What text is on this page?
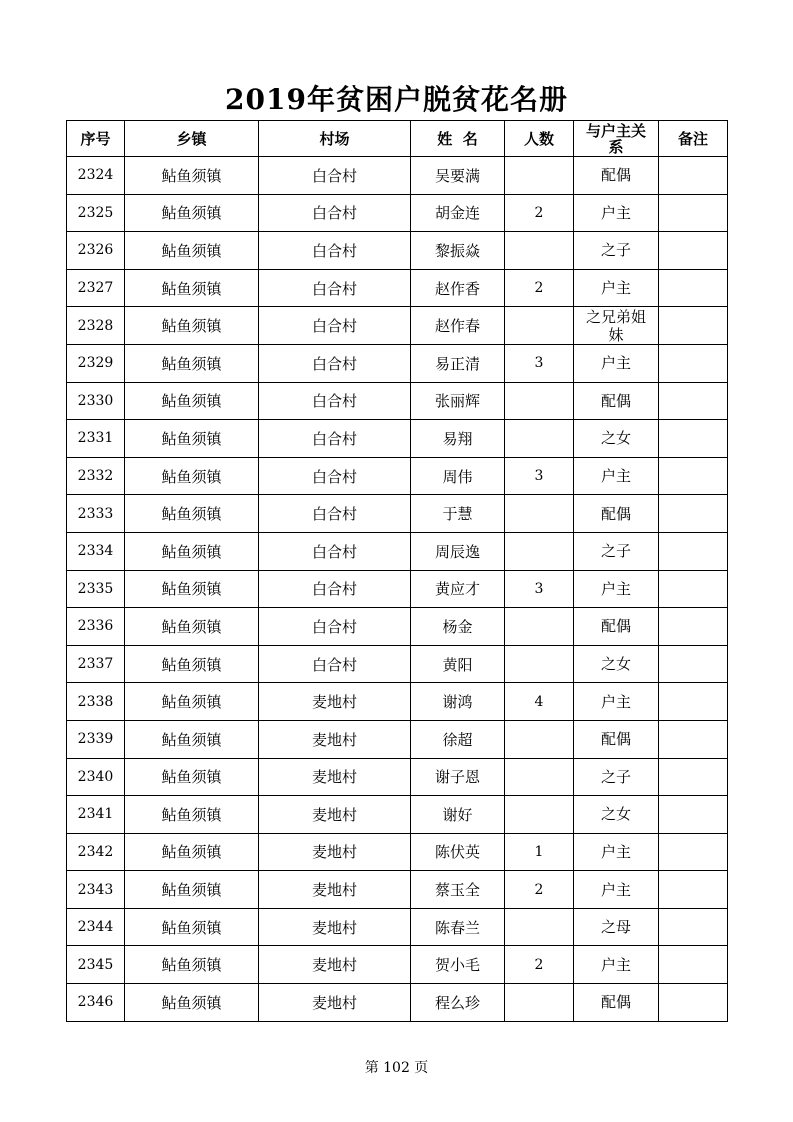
2019年贫困户脱贫花名册
序号	乡镇	村场	姓  名	人数	与户主关系	备注
2324	鲇鱼须镇	白合村	吴要满		配偶	
2325	鲇鱼须镇	白合村	胡金连	2	户主	
2326	鲇鱼须镇	白合村	黎振焱		之子	
2327	鲇鱼须镇	白合村	赵作香	2	户主	
2328	鲇鱼须镇	白合村	赵作春		之兄弟姐妹	
2329	鲇鱼须镇	白合村	易正清	3	户主	
2330	鲇鱼须镇	白合村	张丽辉		配偶	
2331	鲇鱼须镇	白合村	易翔		之女	
2332	鲇鱼须镇	白合村	周伟	3	户主	
2333	鲇鱼须镇	白合村	于慧		配偶	
2334	鲇鱼须镇	白合村	周辰逸		之子	
2335	鲇鱼须镇	白合村	黄应才	3	户主	
2336	鲇鱼须镇	白合村	杨金		配偶	
2337	鲇鱼须镇	白合村	黄阳		之女	
2338	鲇鱼须镇	麦地村	谢鸿	4	户主	
2339	鲇鱼须镇	麦地村	徐超		配偶	
2340	鲇鱼须镇	麦地村	谢子恩		之子	
2341	鲇鱼须镇	麦地村	谢好		之女	
2342	鲇鱼须镇	麦地村	陈伏英	1	户主	
2343	鲇鱼须镇	麦地村	蔡玉全	2	户主	
2344	鲇鱼须镇	麦地村	陈春兰		之母	
2345	鲇鱼须镇	麦地村	贺小毛	2	户主	
2346	鲇鱼须镇	麦地村	程么珍		配偶	
第 102 页
